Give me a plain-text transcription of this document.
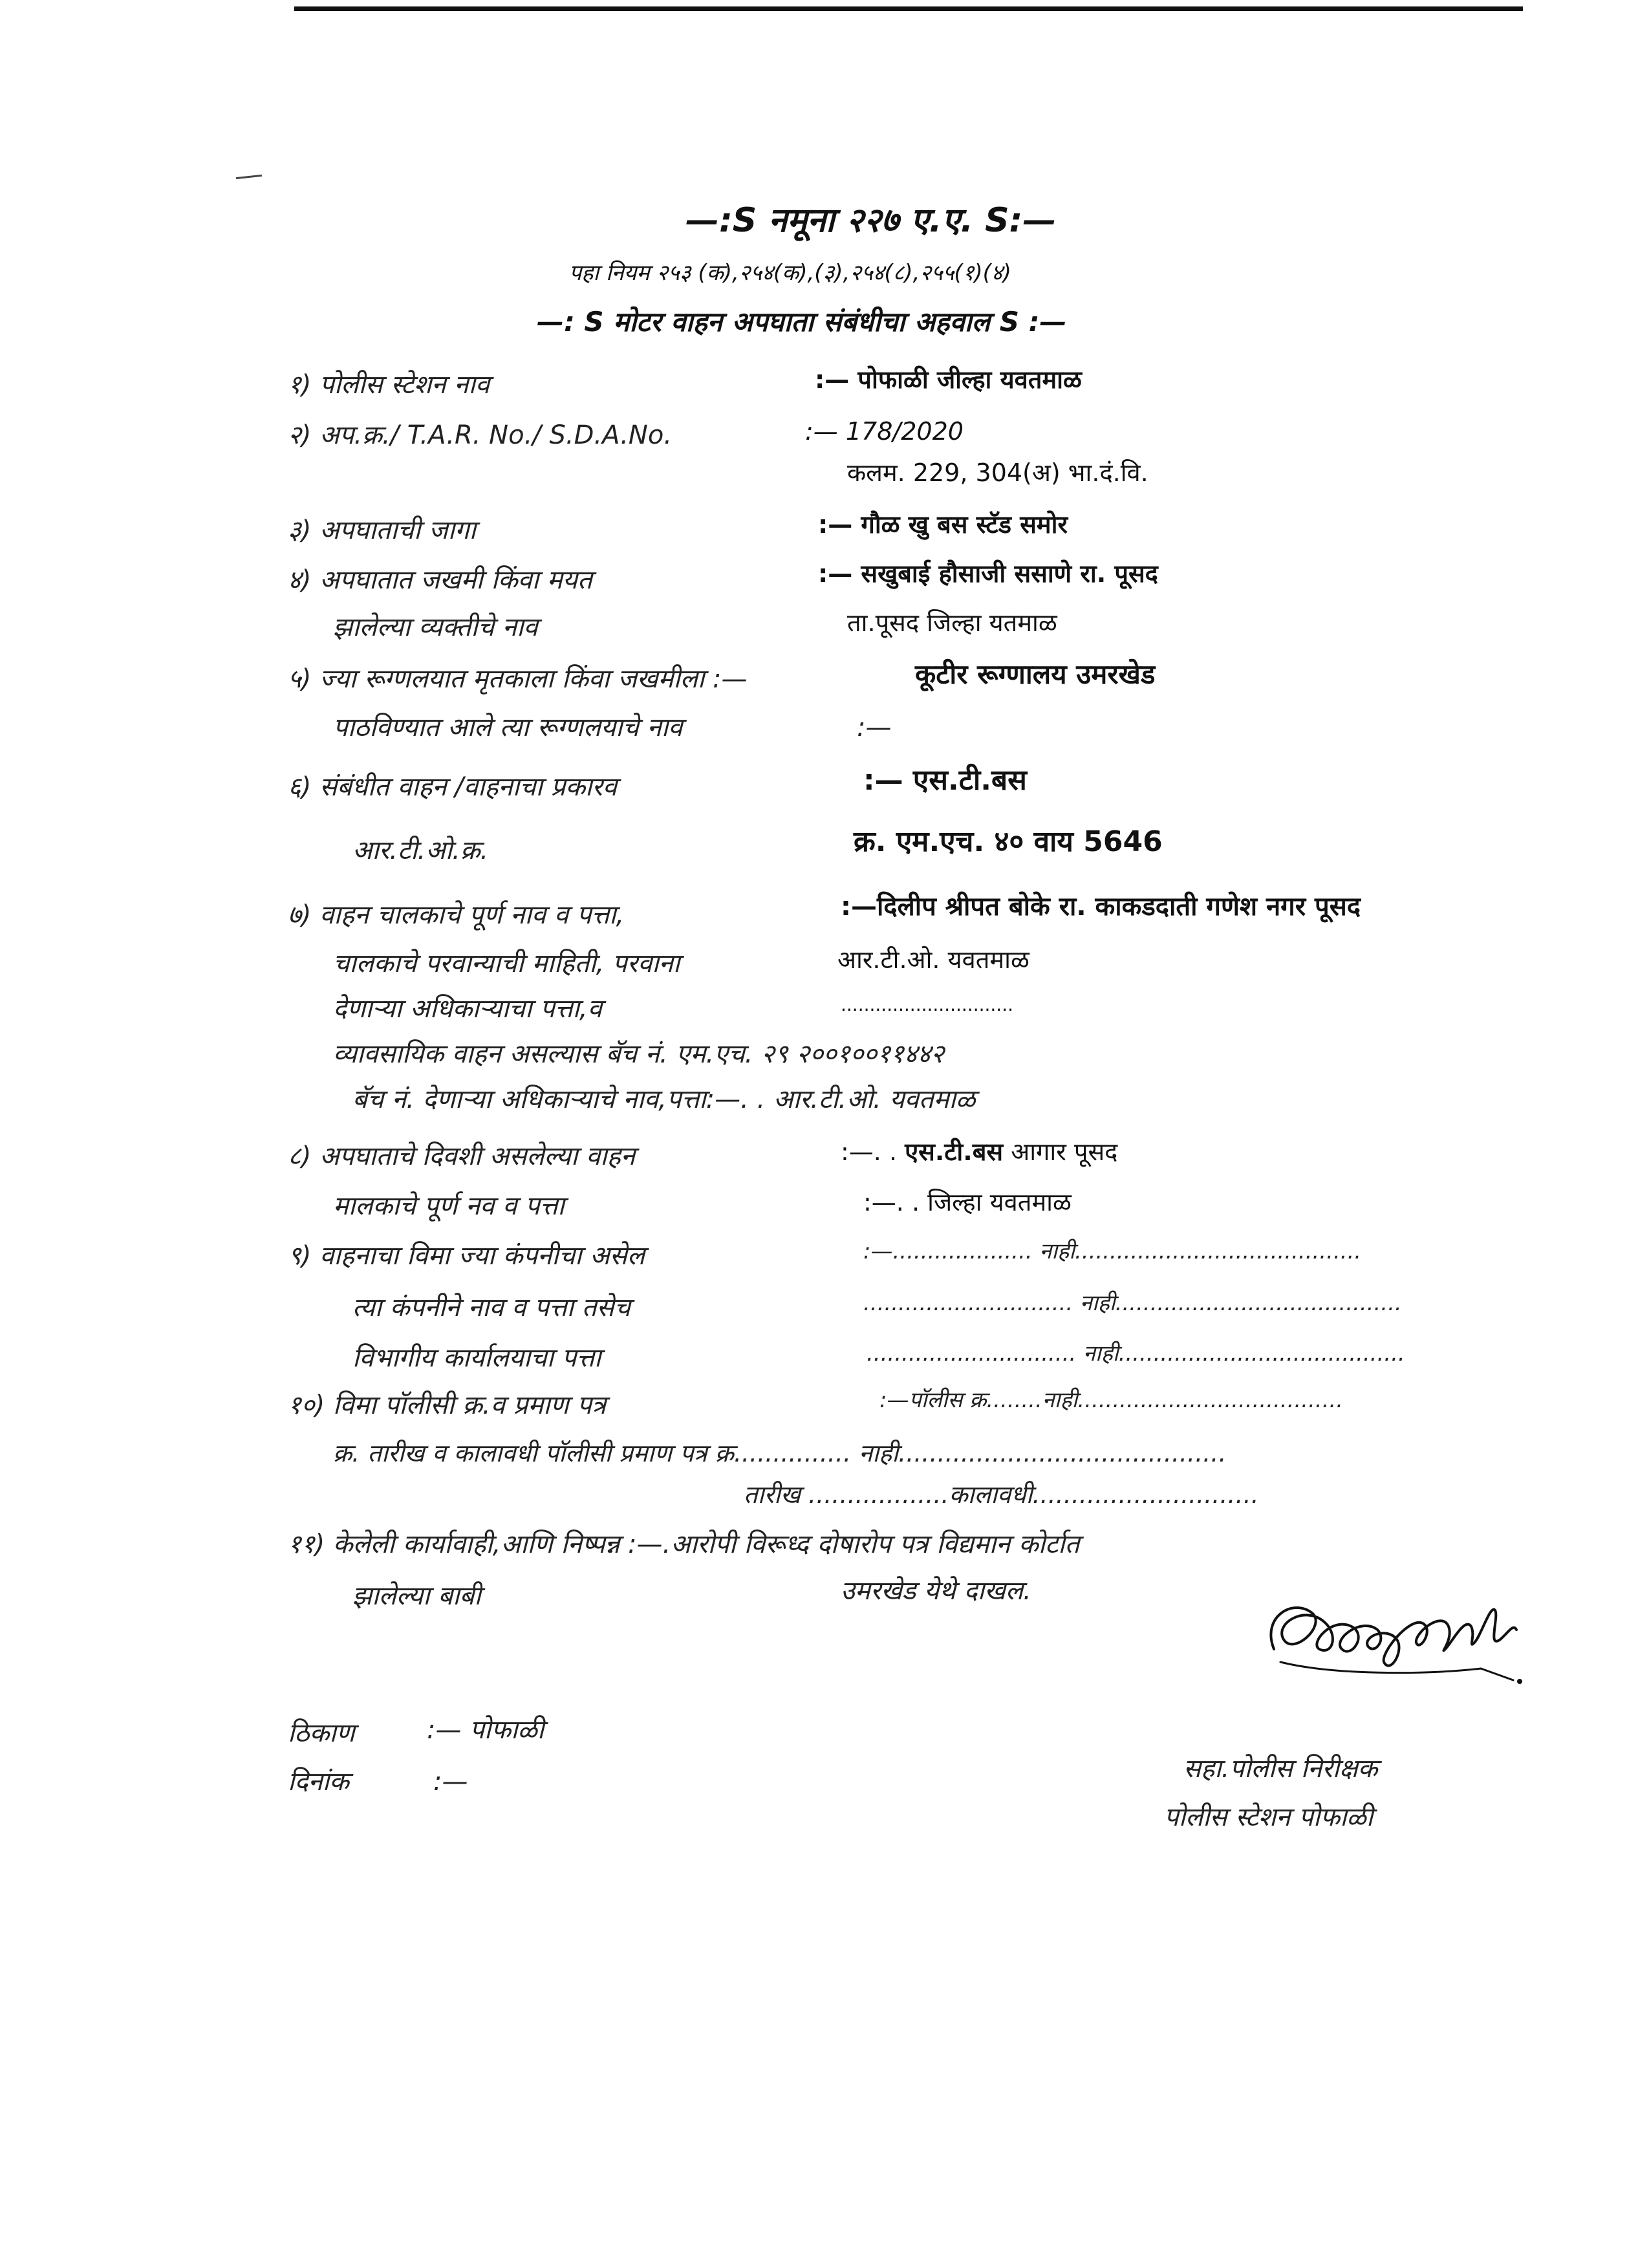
—:S नमूना २२७ ए.ए. S:—
पहा नियम २५३ (क),२५४(क),(३),२५४(८),२५५(१)(४)
—: S मोटर वाहन अपघाता संबंधीचा अहवाल S :—
१) पोलीस स्टेशन नाव	:— पोफाळी जील्हा यवतमाळ
२) अप.क्र./ T.A.R. No./ S.D.A.No.	:— 178/2020
कलम. 229, 304(अ) भा.दं.वि.
३) अपघाताची जागा	:— गौळ खु बस स्टॅड समोर
४) अपघातात जखमी किंवा मयत	:— सखुबाई हौसाजी ससाणे रा. पूसद
झालेल्या व्यक्तीचे नाव	ता.पूसद जिल्हा यतमाळ
५) ज्या रूग्णलयात मृतकाला किंवा जखमीला :—	कूटीर रूग्णालय उमरखेड
पाठविण्यात आले त्या रूग्णलयाचे नाव	:—
६) संबंधीत वाहन /वाहनाचा प्रकारव	:— एस.टी.बस
आर.टी.ओ.क्र.	क्र. एम.एच. ४० वाय 5646
७) वाहन चालकाचे पूर्ण नाव व पत्ता,	:—दिलीप श्रीपत बोके रा. काकडदाती गणेश नगर पूसद
चालकाचे परवान्याची माहिती, परवाना	आर.टी.ओ. यवतमाळ
देणाऱ्या अधिकाऱ्याचा पत्ता,व	..............................
व्यावसायिक वाहन असल्यास बॅच नं. एम.एच. २९ २००१००११४४२
बॅच नं. देणाऱ्या अधिकाऱ्याचे नाव,पत्ता:—. . आर.टी.ओ. यवतमाळ
८) अपघाताचे दिवशी असलेल्या वाहन	:—. . एस.टी.बस आगार पूसद
मालकाचे पूर्ण नव व पत्ता	:—. . जिल्हा यवतमाळ
९) वाहनाचा विमा ज्या कंपनीचा असेल	:—.................... नाही.........................................
त्या कंपनीने नाव व पत्ता तसेच	.............................. नाही.........................................
विभागीय कार्यालयाचा पत्ता	.............................. नाही.........................................
१०) विमा पॉलीसी क्र.व प्रमाण पत्र	:—पॉलीस क्र........नाही......................................
क्र. तारीख व कालावधी पॉलीसी प्रमाण पत्र क्र............... नाही..........................................
तारीख ..................कालावधी.............................
११) केलेली कार्यावाही,आणि निष्पन्न :—.आरोपी विरूध्द दोषारोप पत्र विद्यमान कोर्टात
झालेल्या बाबी	उमरखेड येथे दाखल.
ठिकाण	:— पोफाळी
दिनांक	:—	सहा.पोलीस निरीक्षक
पोलीस स्टेशन पोफाळी
